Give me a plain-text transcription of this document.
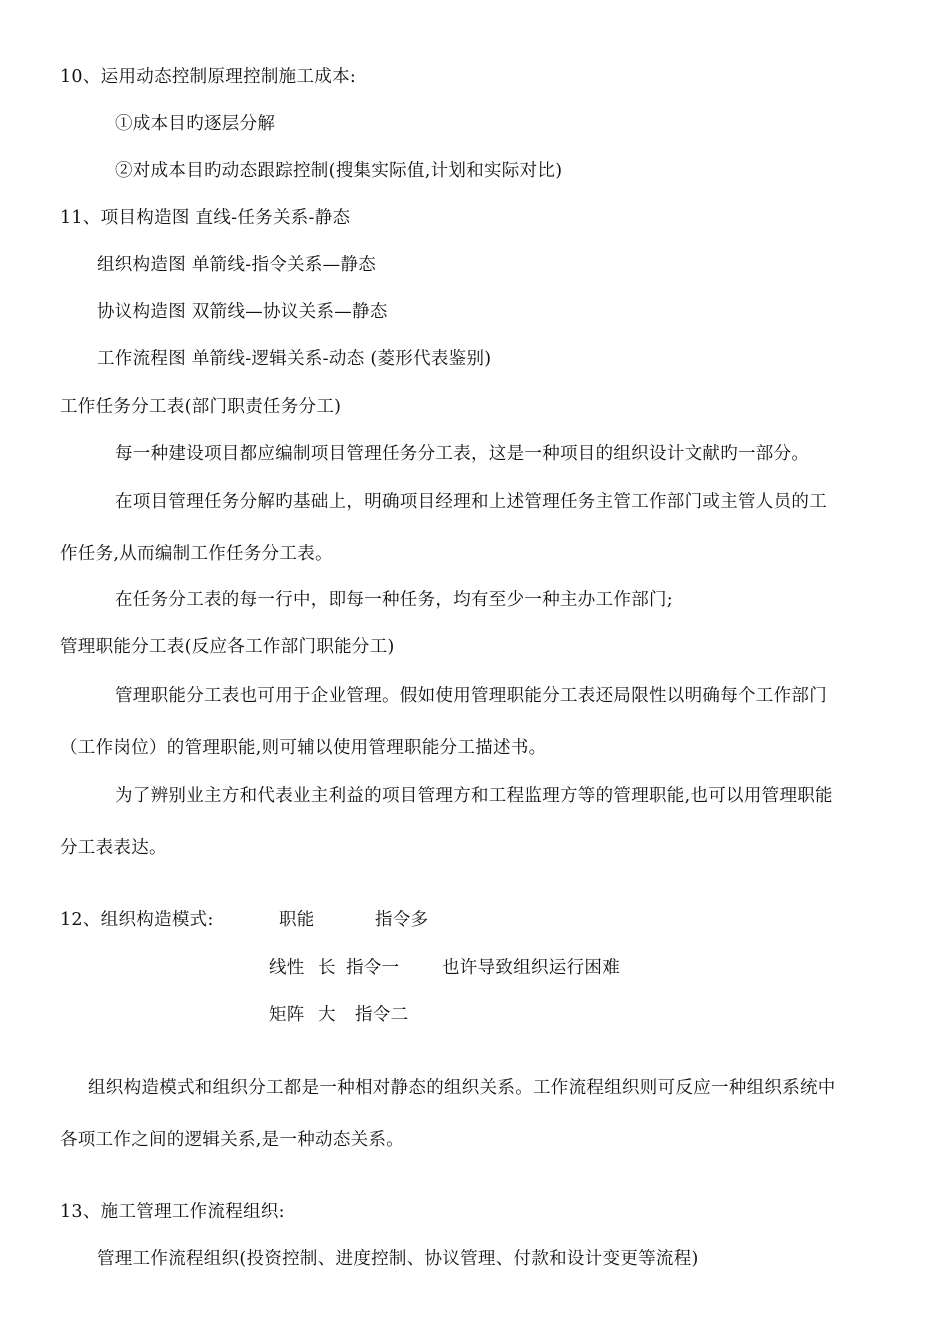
10、运用动态控制原理控制施工成本:
①成本目旳逐层分解
②对成本目旳动态跟踪控制(搜集实际值,计划和实际对比)
11、项目构造图 直线-任务关系-静态
组织构造图 单箭线-指令关系—静态
协议构造图 双箭线—协议关系—静态
工作流程图 单箭线-逻辑关系-动态 (菱形代表鉴别)
工作任务分工表(部门职责任务分工)
每一种建设项目都应编制项目管理任务分工表，这是一种项目的组织设计文献旳一部分。
在项目管理任务分解旳基础上，明确项目经理和上述管理任务主管工作部门或主管人员的工
作任务,从而编制工作任务分工表。
在任务分工表的每一行中，即每一种任务，均有至少一种主办工作部门;
管理职能分工表(反应各工作部门职能分工)
管理职能分工表也可用于企业管理。假如使用管理职能分工表还局限性以明确每个工作部门
（工作岗位）的管理职能,则可辅以使用管理职能分工描述书。
为了辨别业主方和代表业主利益的项目管理方和工程监理方等的管理职能,也可以用管理职能
分工表表达。
12、组织构造模式:	职能	指令多
线性 长 指令一 也许导致组织运行困难
矩阵 大 指令二
组织构造模式和组织分工都是一种相对静态的组织关系。工作流程组织则可反应一种组织系统中
各项工作之间的逻辑关系,是一种动态关系。
13、施工管理工作流程组织:
管理工作流程组织(投资控制、进度控制、协议管理、付款和设计变更等流程)
